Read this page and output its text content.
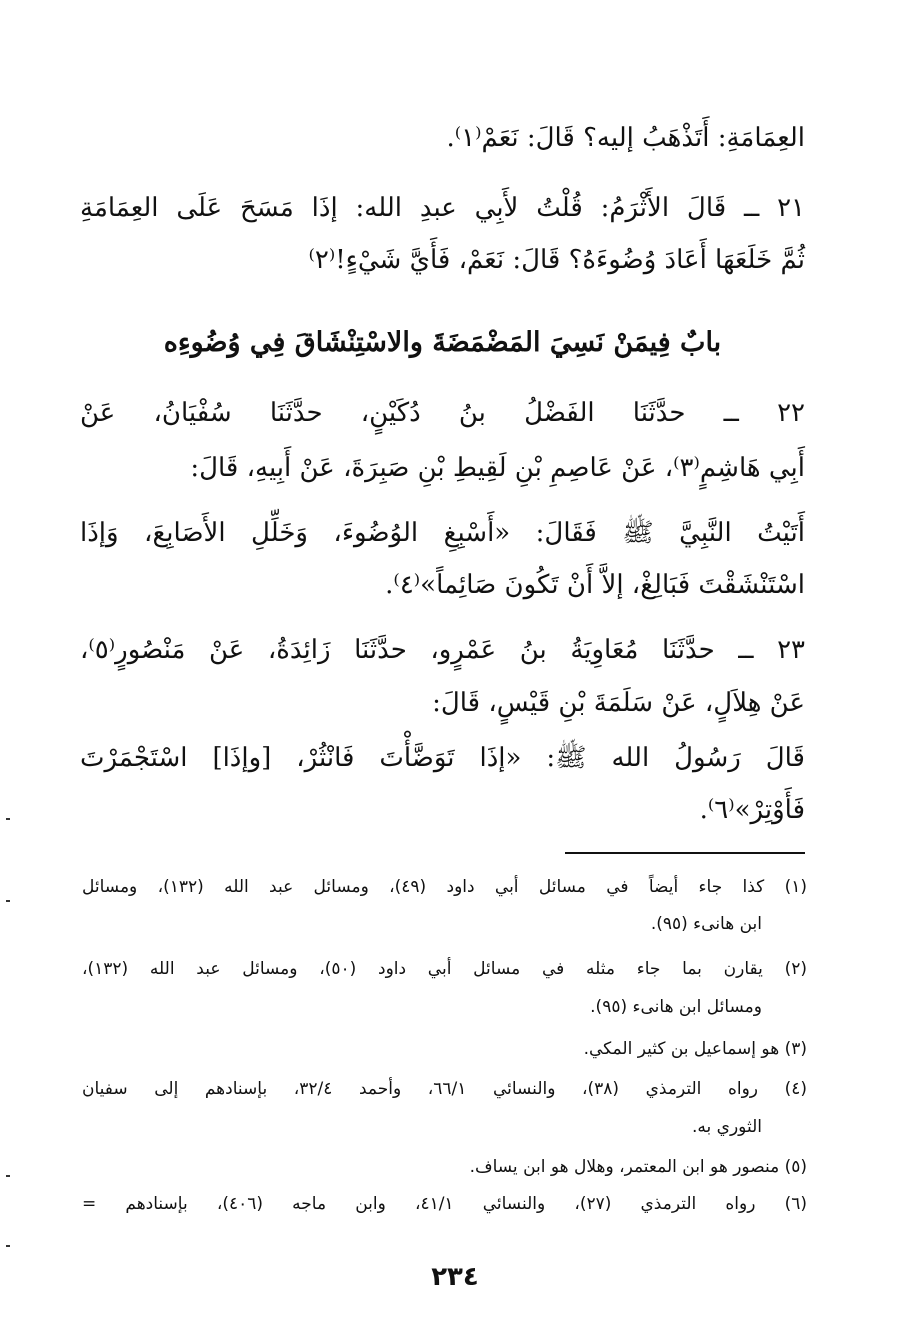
العِمَامَةِ: أَتَذْهَبُ إليه؟ قَالَ: نَعَمْ⁽١⁾.
٢١ ــ قَالَ الأَثْرَمُ: قُلْتُ لأَبِي عبدِ الله: إذَا مَسَحَ عَلَى العِمَامَةِ
ثُمَّ خَلَعَهَا أَعَادَ وُضُوءَهُ؟ قَالَ: نَعَمْ، فَأَيَّ شَيْءٍ!⁽٢⁾
بابٌ فِيمَنْ نَسِيَ المَضْمَضَةَ والاسْتِنْشَاقَ فِي وُضُوءِه
٢٢ ــ حدَّثَنَا الفَضْلُ بنُ دُكَيْنٍ، حدَّثَنَا سُفْيَانُ، عَنْ
أَبِي هَاشِمٍ⁽٣⁾، عَنْ عَاصِمِ بْنِ لَقِيطِ بْنِ صَبِرَةَ، عَنْ أَبِيهِ، قَالَ:
أَتَيْتُ النَّبِيَّ ﷺ فَقَالَ: «أَسْبِغِ الوُضُوءَ، وَخَلِّلِ الأَصَابِعَ، وَإذَا
اسْتَنْشَقْتَ فَبَالِغْ، إلاَّ أَنْ تَكُونَ صَائِماً»⁽٤⁾.
٢٣ ــ حدَّثَنَا مُعَاوِيَةُ بنُ عَمْرٍو، حدَّثَنَا زَائِدَةُ، عَنْ مَنْصُورٍ⁽٥⁾،
عَنْ هِلاَلٍ، عَنْ سَلَمَةَ بْنِ قَيْسٍ، قَالَ:
قَالَ رَسُولُ الله ﷺ: «إذَا تَوَضَّأْتَ فَانْثُرْ، [وإذَا] اسْتَجْمَرْتَ
فَأَوْتِرْ»⁽٦⁾.
(١) كذا جاء أيضاً في مسائل أبي داود (٤٩)، ومسائل عبد الله (١٣٢)، ومسائل
ابن هانىء (٩٥).
(٢) يقارن بما جاء مثله في مسائل أبي داود (٥٠)، ومسائل عبد الله (١٣٢)،
ومسائل ابن هانىء (٩٥).
(٣) هو إسماعيل بن كثير المكي.
(٤) رواه الترمذي (٣٨)، والنسائي ٦٦/١، وأحمد ٣٢/٤، بإسنادهم إلى سفيان
الثوري به.
(٥) منصور هو ابن المعتمر، وهلال هو ابن يساف.
(٦) رواه الترمذي (٢٧)، والنسائي ٤١/١، وابن ماجه (٤٠٦)، بإسنادهم =
٢٣٤
